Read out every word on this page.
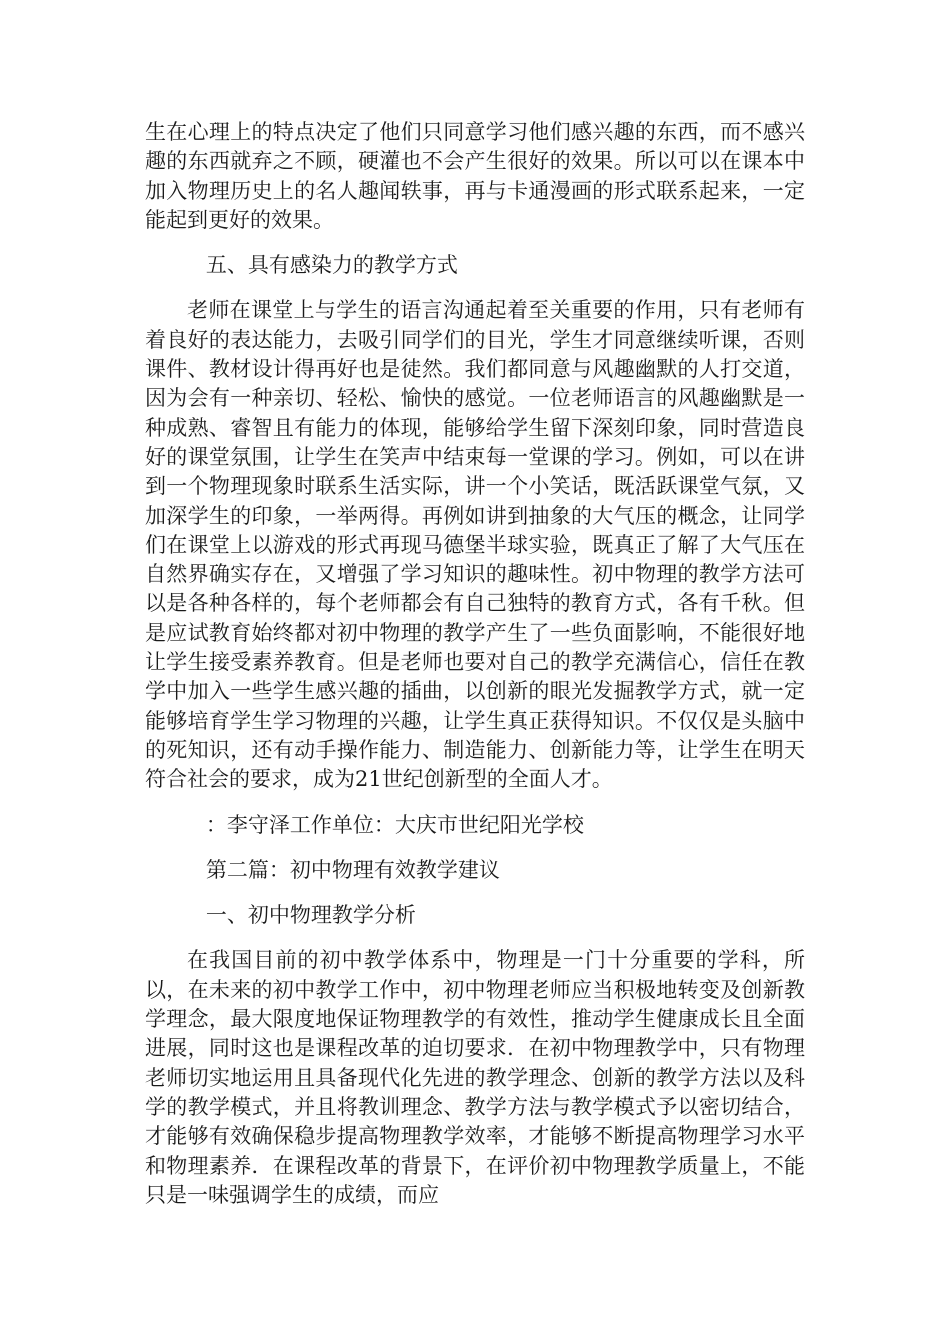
生在心理上的特点决定了他们只同意学习他们感兴趣的东西，而不感兴趣的东西就弃之不顾，硬灌也不会产生很好的效果。所以可以在课本中加入物理历史上的名人趣闻轶事，再与卡通漫画的形式联系起来，一定能起到更好的效果。

五、具有感染力的教学方式

老师在课堂上与学生的语言沟通起着至关重要的作用，只有老师有着良好的表达能力，去吸引同学们的目光，学生才同意继续听课，否则课件、教材设计得再好也是徒然。我们都同意与风趣幽默的人打交道，因为会有一种亲切、轻松、愉快的感觉。一位老师语言的风趣幽默是一种成熟、睿智且有能力的体现，能够给学生留下深刻印象，同时营造良好的课堂氛围，让学生在笑声中结束每一堂课的学习。例如，可以在讲到一个物理现象时联系生活实际，讲一个小笑话，既活跃课堂气氛，又加深学生的印象，一举两得。再例如讲到抽象的大气压的概念，让同学们在课堂上以游戏的形式再现马德堡半球实验，既真正了解了大气压在自然界确实存在，又增强了学习知识的趣味性。初中物理的教学方法可以是各种各样的，每个老师都会有自己独特的教育方式，各有千秋。但是应试教育始终都对初中物理的教学产生了一些负面影响，不能很好地让学生接受素养教育。但是老师也要对自己的教学充满信心，信任在教学中加入一些学生感兴趣的插曲，以创新的眼光发掘教学方式，就一定能够培育学生学习物理的兴趣，让学生真正获得知识。不仅仅是头脑中的死知识，还有动手操作能力、制造能力、创新能力等，让学生在明天符合社会的要求，成为21世纪创新型的全面人才。

：李守泽工作单位：大庆市世纪阳光学校

第二篇：初中物理有效教学建议

一、初中物理教学分析

在我国目前的初中教学体系中，物理是一门十分重要的学科，所以，在未来的初中教学工作中，初中物理老师应当积极地转变及创新教学理念，最大限度地保证物理教学的有效性，推动学生健康成长且全面进展，同时这也是课程改革的迫切要求．在初中物理教学中，只有物理老师切实地运用且具备现代化先进的教学理念、创新的教学方法以及科学的教学模式，并且将教训理念、教学方法与教学模式予以密切结合，才能够有效确保稳步提高物理教学效率，才能够不断提高物理学习水平和物理素养．在课程改革的背景下，在评价初中物理教学质量上，不能只是一味强调学生的成绩，而应
